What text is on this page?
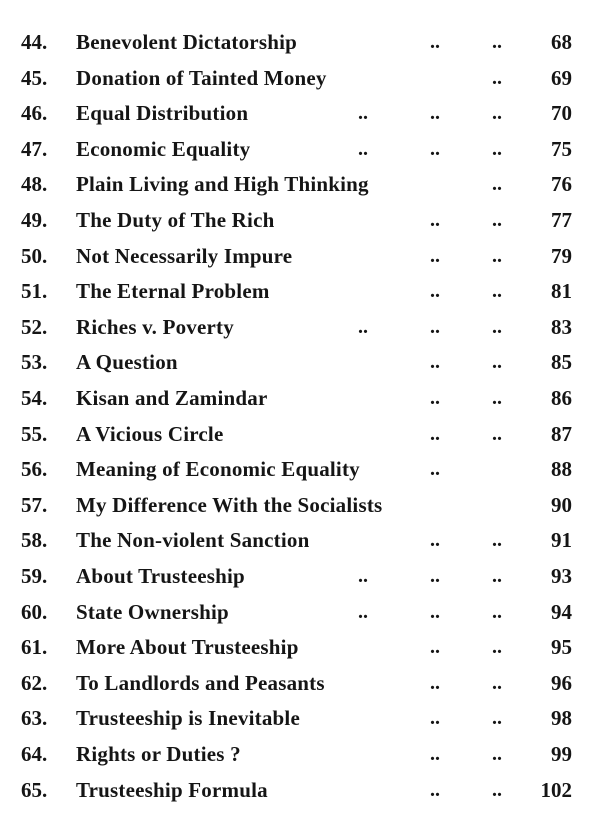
44. Benevolent Dictatorship	..	.. 68
45. Donation of Tainted Money	.. 69
46. Equal Distribution	..	..	.. 70
47. Economic Equality	..	..	.. 75
48. Plain Living and High Thinking	.. 76
49. The Duty of The Rich	..	.. 77
50. Not Necessarily Impure	..	.. 79
51. The Eternal Problem	..	.. 81
52. Riches v. Poverty	..	..	.. 83
53. A Question	..	.. 85
54. Kisan and Zamindar	..	.. 86
55. A Vicious Circle	..	.. 87
56. Meaning of Economic Equality	..	88
57. My Difference With the Socialists	90
58. The Non-violent Sanction	..	.. 91
59. About Trusteeship	..	..	.. 93
60. State Ownership	..	..	.. 94
61. More About Trusteeship	..	.. 95
62. To Landlords and Peasants	..	.. 96
63. Trusteeship is Inevitable	..	.. 98
64. Rights or Duties ?	..	.. 99
65. Trusteeship Formula	..	.. 102
